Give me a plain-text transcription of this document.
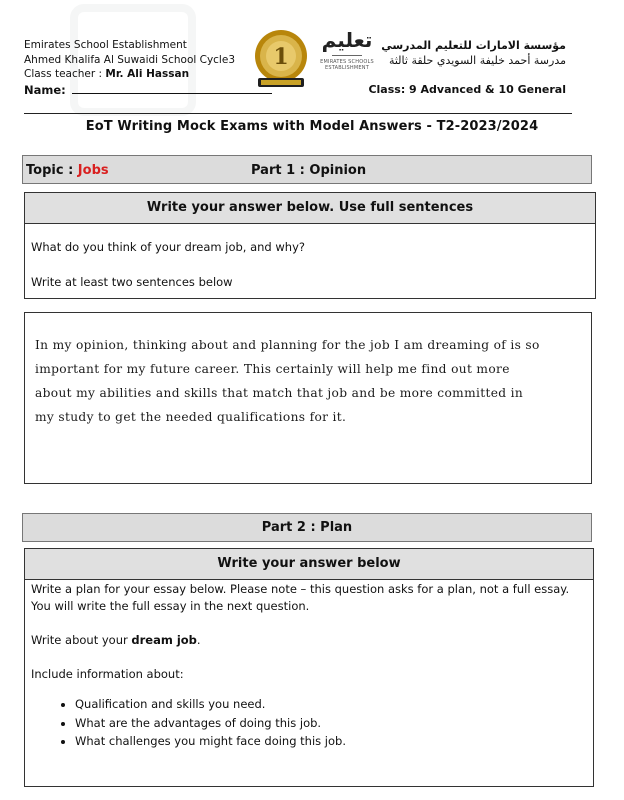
Emirates School Establishment
Ahmed Khalifa Al Suwaidi School Cycle3
Class teacher : Mr. Ali Hassan
Name:
1
تعليم
EMIRATES SCHOOLS ESTABLISHMENT
مؤسسة الامارات للتعليم المدرسي
مدرسة أحمد خليفة السويدي حلقة ثالثة
Class: 9 Advanced & 10 General
EoT Writing Mock Exams with Model Answers - T2-2023/2024
Topic : Jobs	Part 1 : Opinion
Write your answer below. Use full sentences
What do you think of your dream job, and why?
Write at least two sentences below
In my opinion, thinking about and planning for the job I am dreaming of is so
important for my future career. This certainly will help me find out more
about my abilities and skills that match that job and be more committed in
my study to get the needed qualifications for it.
Part 2 : Plan
Write your answer below

Write a plan for your essay below. Please note – this question asks for a plan, not a full essay. You will write the full essay in the next question.

Write about your dream job.

Include information about:

• Qualification and skills you need.
• What are the advantages of doing this job.
• What challenges you might face doing this job.
